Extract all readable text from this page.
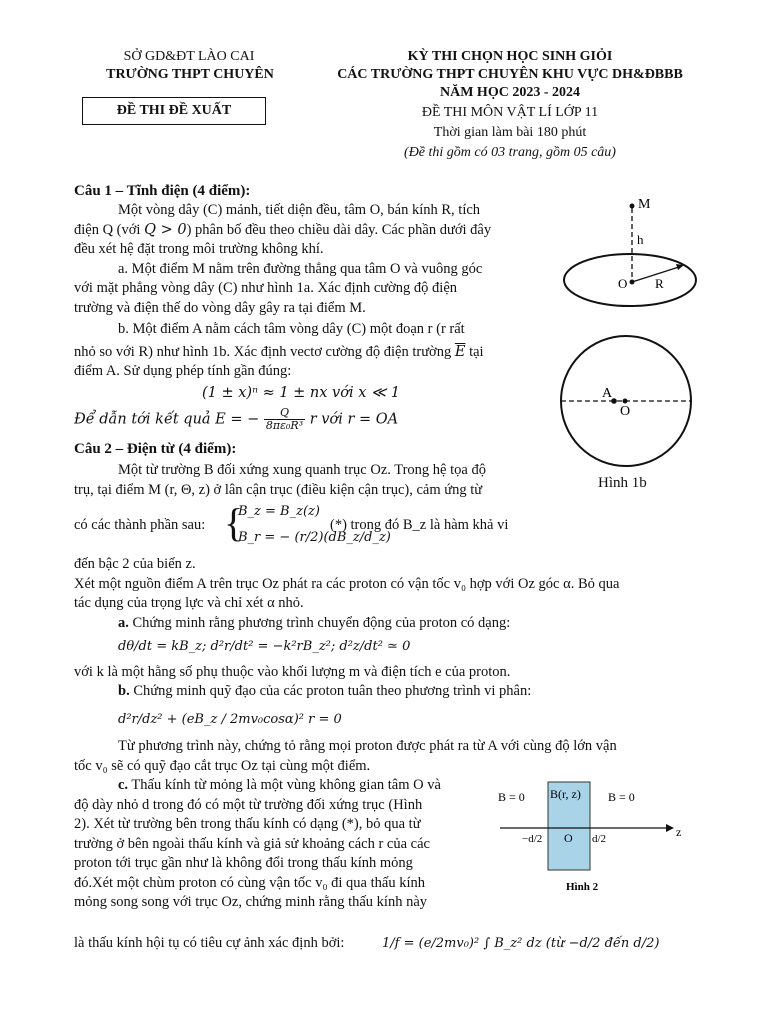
SỞ GD&ĐT LÀO CAI
TRƯỜNG THPT CHUYÊN
ĐỀ THI ĐỀ XUẤT
KỲ THI CHỌN HỌC SINH GIỎI
CÁC TRƯỜNG THPT CHUYÊN KHU VỰC DH&ĐBBB
NĂM HỌC 2023 - 2024
ĐỀ THI MÔN VẬT LÍ LỚP 11
Thời gian làm bài 180 phút
(Đề thi gồm có 03 trang, gồm 05 câu)
Câu 1 – Tĩnh điện (4 điểm):
Một vòng dây (C) mảnh, tiết diện đều, tâm O, bán kính R, tích
điện Q (với Q > 0) phân bố đều theo chiều dài dây. Các phần dưới đây
đều xét hệ đặt trong môi trường không khí.
a. Một điểm M nằm trên đường thẳng qua tâm O và vuông góc
với mặt phẳng vòng dây (C) như hình 1a. Xác định cường độ điện
trường và điện thế do vòng dây gây ra tại điểm M.
b. Một điểm A nằm cách tâm vòng dây (C) một đoạn r (r rất
nhỏ so với R) như hình 1b. Xác định vectơ cường độ điện trường $\overline{E}$ tại
điểm A. Sử dụng phép tính gần đúng:
(1 ± x)ⁿ ≈ 1 ± nx với x ≪ 1
Để dẫn tới kết quả E = − $\frac{Q}{\text{8πε₀R³}}$ r với r = OA
M
h
O R
A
O
Hình 1b
Câu 2 – Điện từ (4 điểm):
Một từ trường B đối xứng xung quanh trục Oz. Trong hệ tọa độ
trụ, tại điểm M (r, Θ, z) ở lân cận trục (điều kiện cận trục), cảm ứng từ
có các thành phần sau: {
B_z = B_z(z)
B_r = − (r/2)(dB_z/d_z)
(*) trong đó B_z là hàm khả vi
đến bậc 2 của biến z.
Xét một nguồn điểm A trên trục Oz phát ra các proton có vận tốc v₀ hợp với Oz góc α. Bỏ qua
tác dụng của trọng lực và chỉ xét α nhỏ.
a. Chứng minh rằng phương trình chuyển động của proton có dạng:
dθ/dt = kB_z; d²r/dt² = −k²rB_z²; d²z/dt² ≃ 0
với k là một hằng số phụ thuộc vào khối lượng m và điện tích e của proton.
b. Chứng minh quỹ đạo của các proton tuân theo phương trình vi phân:
d²r/dz² + (eB_z / 2mv₀cosα)² r = 0
Từ phương trình này, chứng tỏ rằng mọi proton được phát ra từ A với cùng độ lớn vận
tốc v₀ sẽ có quỹ đạo cắt trục Oz tại cùng một điểm.
c. Thấu kính từ mỏng là một vùng không gian tâm O và
độ dày nhỏ d trong đó có một từ trường đối xứng trục (Hình
2). Xét từ trường bên trong thấu kính có dạng (*), bỏ qua từ
trường ở bên ngoài thấu kính và giả sử khoảng cách r của các
proton tới trục gần như là không đổi trong thấu kính mỏng
đó.Xét một chùm proton có cùng vận tốc v₀ đi qua thấu kính
mỏng song song với trục Oz, chứng minh rằng thấu kính này
là thấu kính hội tụ có tiêu cự ảnh xác định bởi:	1/f = (e/2mv₀)² ∫ B_z² dz (từ −d/2 đến d/2)
B = 0 B(r, z) B = 0
z
O
−d/2	d/2
Hình 2
